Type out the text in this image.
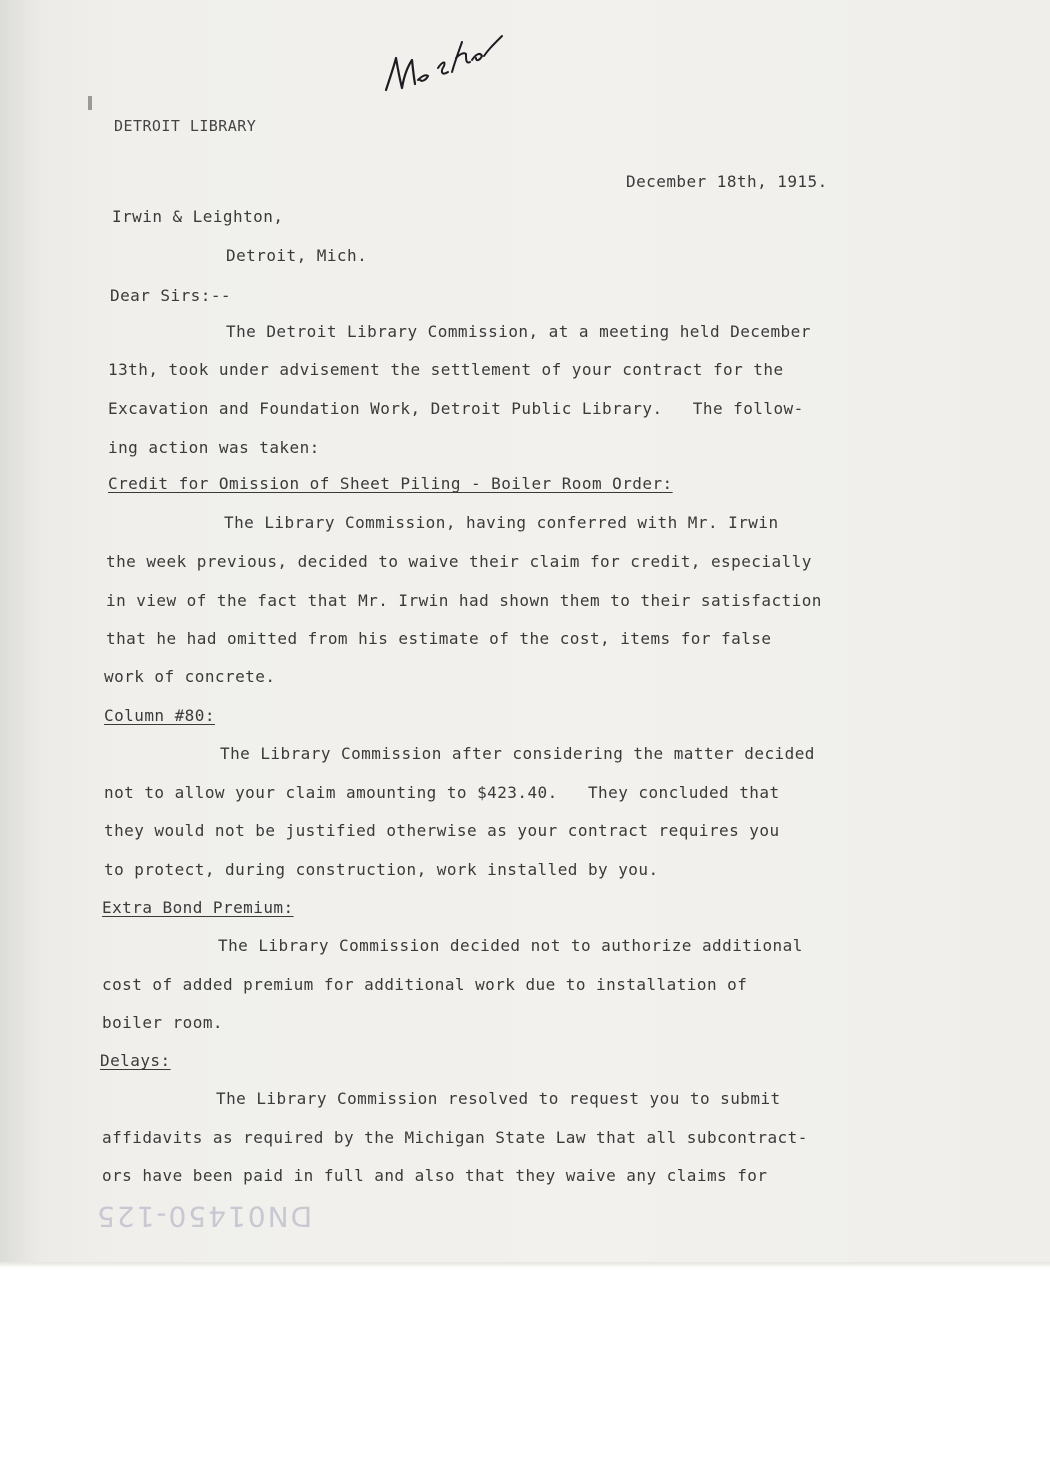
DETROIT LIBRARY

December 18th, 1915.

Irwin & Leighton,

Detroit, Mich.

Dear Sirs:--

The Detroit Library Commission, at a meeting held December

13th, took under advisement the settlement of your contract for the

Excavation and Foundation Work, Detroit Public Library.   The follow-

ing action was taken:

Credit for Omission of Sheet Piling - Boiler Room Order:

The Library Commission, having conferred with Mr. Irwin

the week previous, decided to waive their claim for credit, especially

in view of the fact that Mr. Irwin had shown them to their satisfaction

that he had omitted from his estimate of the cost, items for false

work of concrete.

Column #80:

The Library Commission after considering the matter decided

not to allow your claim amounting to $423.40.   They concluded that

they would not be justified otherwise as your contract requires you

to protect, during construction, work installed by you.

Extra Bond Premium:

The Library Commission decided not to authorize additional

cost of added premium for additional work due to installation of

boiler room.

Delays:

The Library Commission resolved to request you to submit

affidavits as required by the Michigan State Law that all subcontract-

ors have been paid in full and also that they waive any claims for

DN01450-125
